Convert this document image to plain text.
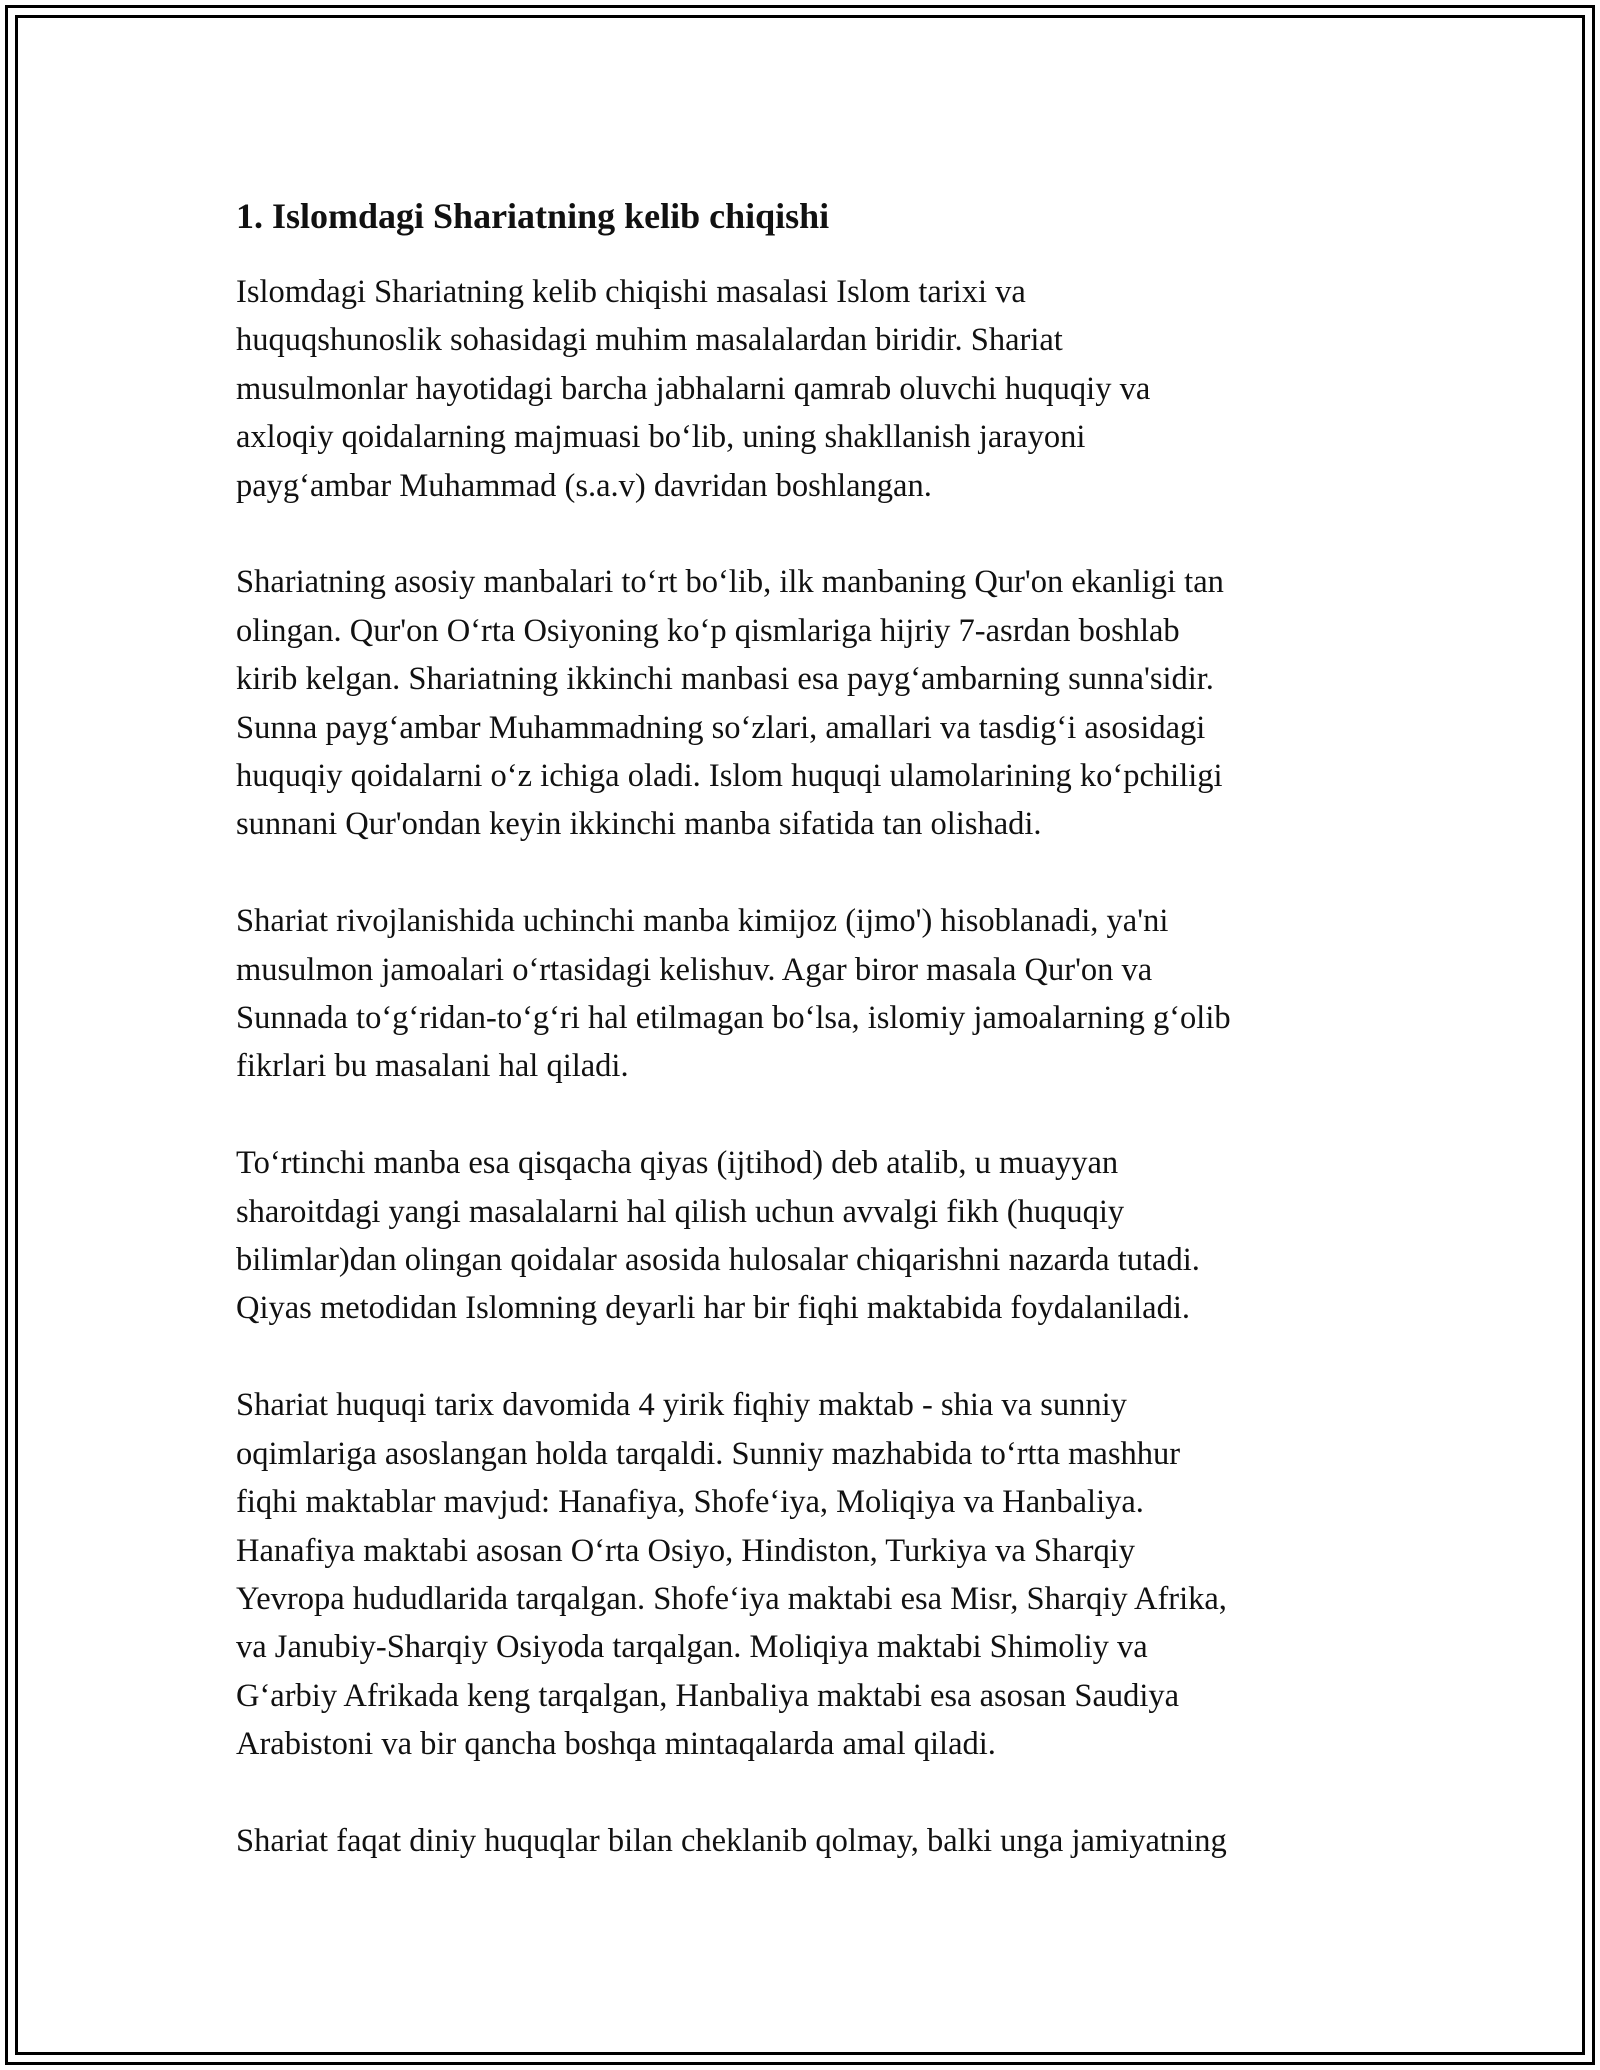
1. Islomdagi Shariatning kelib chiqishi

Islomdagi Shariatning kelib chiqishi masalasi Islom tarixi va
huquqshunoslik sohasidagi muhim masalalardan biridir. Shariat
musulmonlar hayotidagi barcha jabhalarni qamrab oluvchi huquqiy va
axloqiy qoidalarning majmuasi bo‘lib, uning shakllanish jarayoni
payg‘ambar Muhammad (s.a.v) davridan boshlangan.

Shariatning asosiy manbalari to‘rt bo‘lib, ilk manbaning Qur'on ekanligi tan
olingan. Qur'on O‘rta Osiyoning ko‘p qismlariga hijriy 7-asrdan boshlab
kirib kelgan. Shariatning ikkinchi manbasi esa payg‘ambarning sunna'sidir.
Sunna payg‘ambar Muhammadning so‘zlari, amallari va tasdig‘i asosidagi
huquqiy qoidalarni o‘z ichiga oladi. Islom huquqi ulamolarining ko‘pchiligi
sunnani Qur'ondan keyin ikkinchi manba sifatida tan olishadi.

Shariat rivojlanishida uchinchi manba kimijoz (ijmo') hisoblanadi, ya'ni
musulmon jamoalari o‘rtasidagi kelishuv. Agar biror masala Qur'on va
Sunnada to‘g‘ridan-to‘g‘ri hal etilmagan bo‘lsa, islomiy jamoalarning g‘olib
fikrlari bu masalani hal qiladi.

To‘rtinchi manba esa qisqacha qiyas (ijtihod) deb atalib, u muayyan
sharoitdagi yangi masalalarni hal qilish uchun avvalgi fikh (huquqiy
bilimlar)dan olingan qoidalar asosida hulosalar chiqarishni nazarda tutadi.
Qiyas metodidan Islomning deyarli har bir fiqhi maktabida foydalaniladi.

Shariat huquqi tarix davomida 4 yirik fiqhiy maktab - shia va sunniy
oqimlariga asoslangan holda tarqaldi. Sunniy mazhabida to‘rtta mashhur
fiqhi maktablar mavjud: Hanafiya, Shofe‘iya, Moliqiya va Hanbaliya.
Hanafiya maktabi asosan O‘rta Osiyo, Hindiston, Turkiya va Sharqiy
Yevropa hududlarida tarqalgan. Shofe‘iya maktabi esa Misr, Sharqiy Afrika,
va Janubiy-Sharqiy Osiyoda tarqalgan. Moliqiya maktabi Shimoliy va
G‘arbiy Afrikada keng tarqalgan, Hanbaliya maktabi esa asosan Saudiya
Arabistoni va bir qancha boshqa mintaqalarda amal qiladi.

Shariat faqat diniy huquqlar bilan cheklanib qolmay, balki unga jamiyatning
